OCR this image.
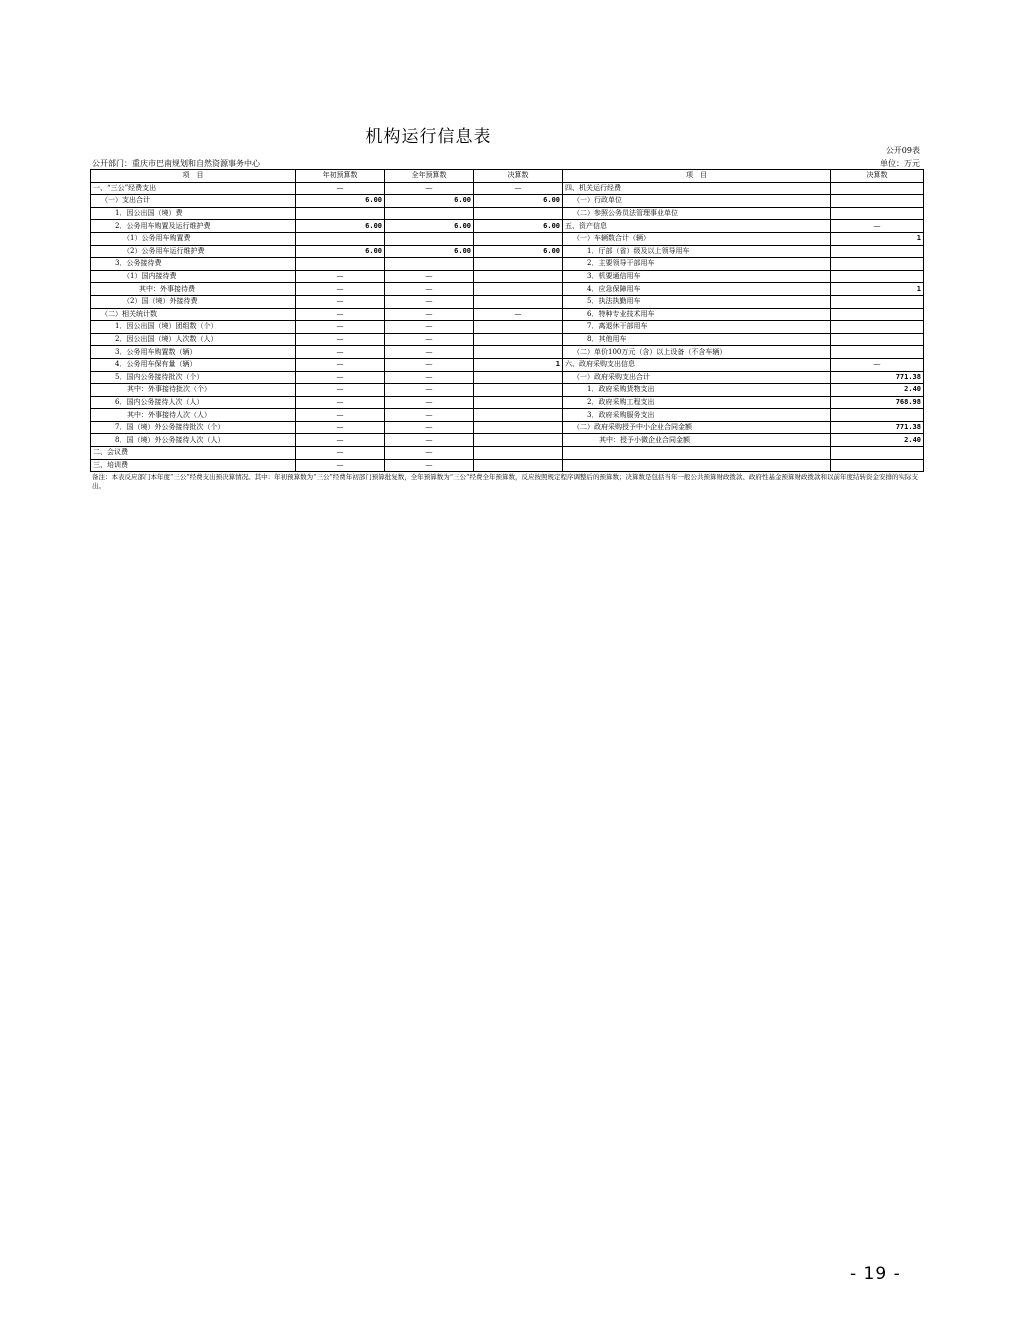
机构运行信息表
公开09表
公开部门：重庆市巴南规划和自然资源事务中心	单位：万元
项　目	年初预算数	全年预算数	决算数	项　目	决算数
一、“三公”经费支出	—	—	—	四、机关运行经费	
（一）支出合计	6.00	6.00	6.00	（一）行政单位	
1．因公出国（境）费				（二）参照公务员法管理事业单位	
2．公务用车购置及运行维护费	6.00	6.00	6.00	五、资产信息	—
（1）公务用车购置费				（一）车辆数合计（辆）	1
（2）公务用车运行维护费	6.00	6.00	6.00	1．厅部（省）级及以上领导用车	
3．公务接待费				2．主要领导干部用车	
（1）国内接待费	—	—		3．机要通信用车	
其中：外事接待费	—	—		4．应急保障用车	1
（2）国（境）外接待费	—	—		5．执法执勤用车	
（二）相关统计数	—	—	—	6．特种专业技术用车	
1．因公出国（境）团组数（个）	—	—		7．离退休干部用车	
2．因公出国（境）人次数（人）	—	—		8．其他用车	
3．公务用车购置数（辆）	—	—		（二）单价100万元（含）以上设备（不含车辆）	
4．公务用车保有量（辆）	—	—	1	六、政府采购支出信息	—
5．国内公务接待批次（个）	—	—		（一）政府采购支出合计	771.38
其中：外事接待批次（个）	—	—		1．政府采购货物支出	2.40
6．国内公务接待人次（人）	—	—		2．政府采购工程支出	768.98
其中：外事接待人次（人）	—	—		3．政府采购服务支出	
7．国（境）外公务接待批次（个）	—	—		（二）政府采购授予中小企业合同金额	771.38
8．国（境）外公务接待人次（人）	—	—		其中：授予小微企业合同金额	2.40
二、会议费	—	—			
三、培训费	—	—			
备注：本表反应部门本年度“三公”经费支出预决算情况。其中：年初预算数为“三公”经费年初部门预算批复数，全年预算数为“三公”经费全年预算数，反应按照规定程序调整后的预算数；决算数是包括当年一般公共预算财政拨款、政府性基金预算财政拨款和以前年度结转资金安排的实际支出。
- 19 -
